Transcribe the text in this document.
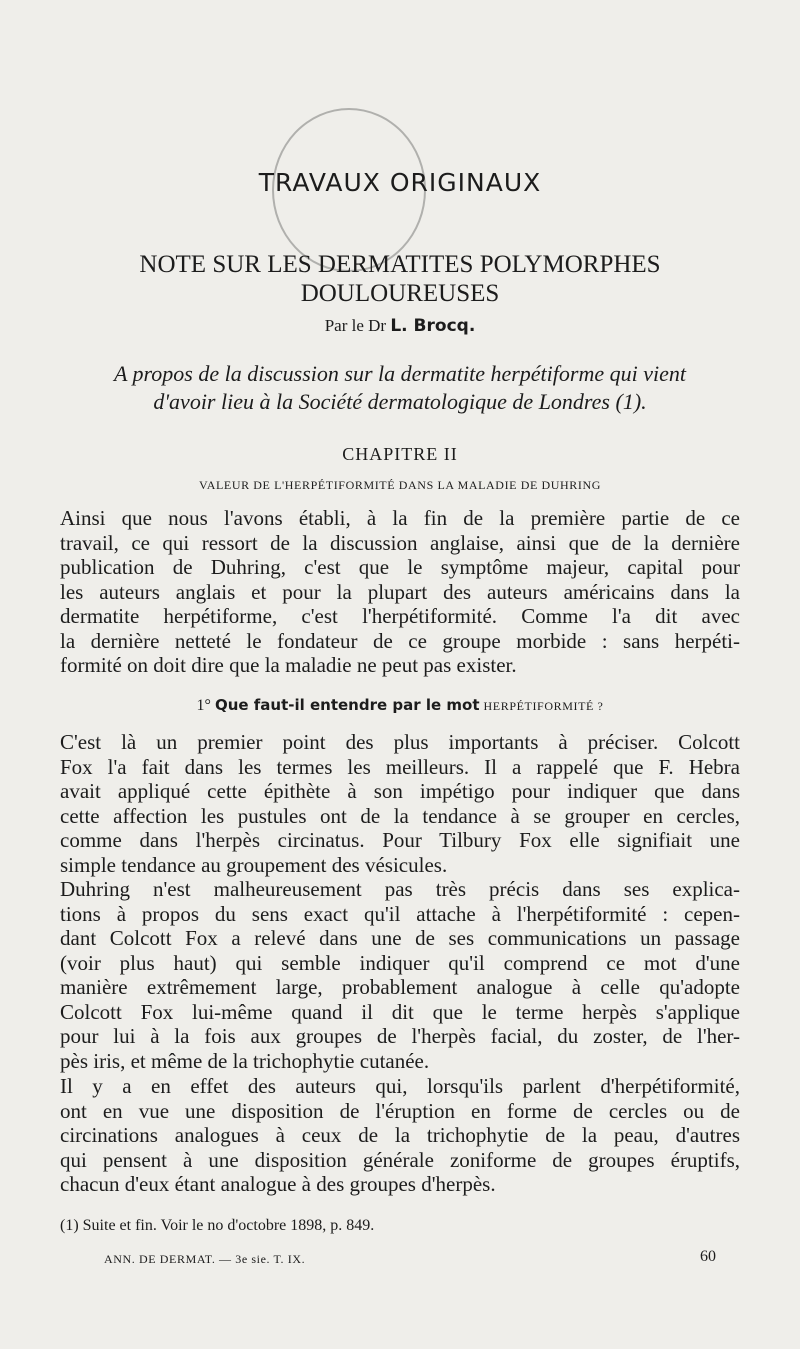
TRAVAUX ORIGINAUX
NOTE SUR LES DERMATITES POLYMORPHES
DOULOUREUSES
Par le Dr L. Brocq.
A propos de la discussion sur la dermatite herpétiforme qui vient
d'avoir lieu à la Société dermatologique de Londres (1).
CHAPITRE II
VALEUR DE L'HERPÉTIFORMITÉ DANS LA MALADIE DE DUHRING
Ainsi que nous l'avons établi, à la fin de la première partie de ce
travail, ce qui ressort de la discussion anglaise, ainsi que de la dernière
publication de Duhring, c'est que le symptôme majeur, capital pour
les auteurs anglais et pour la plupart des auteurs américains dans la
dermatite herpétiforme, c'est l'herpétiformité. Comme l'a dit avec
la dernière netteté le fondateur de ce groupe morbide : sans herpéti-
formité on doit dire que la maladie ne peut pas exister.
1° Que faut-il entendre par le mot HERPÉTIFORMITÉ ?
C'est là un premier point des plus importants à préciser. Colcott
Fox l'a fait dans les termes les meilleurs. Il a rappelé que F. Hebra
avait appliqué cette épithète à son impétigo pour indiquer que dans
cette affection les pustules ont de la tendance à se grouper en cercles,
comme dans l'herpès circinatus. Pour Tilbury Fox elle signifiait une
simple tendance au groupement des vésicules.
Duhring n'est malheureusement pas très précis dans ses explica-
tions à propos du sens exact qu'il attache à l'herpétiformité : cepen-
dant Colcott Fox a relevé dans une de ses communications un passage
(voir plus haut) qui semble indiquer qu'il comprend ce mot d'une
manière extrêmement large, probablement analogue à celle qu'adopte
Colcott Fox lui-même quand il dit que le terme herpès s'applique
pour lui à la fois aux groupes de l'herpès facial, du zoster, de l'her-
pès iris, et même de la trichophytie cutanée.
Il y a en effet des auteurs qui, lorsqu'ils parlent d'herpétiformité,
ont en vue une disposition de l'éruption en forme de cercles ou de
circinations analogues à ceux de la trichophytie de la peau, d'autres
qui pensent à une disposition générale zoniforme de groupes éruptifs,
chacun d'eux étant analogue à des groupes d'herpès.
(1) Suite et fin. Voir le no d'octobre 1898, p. 849.
ANN. DE DERMAT. — 3e sie. T. IX.	60
